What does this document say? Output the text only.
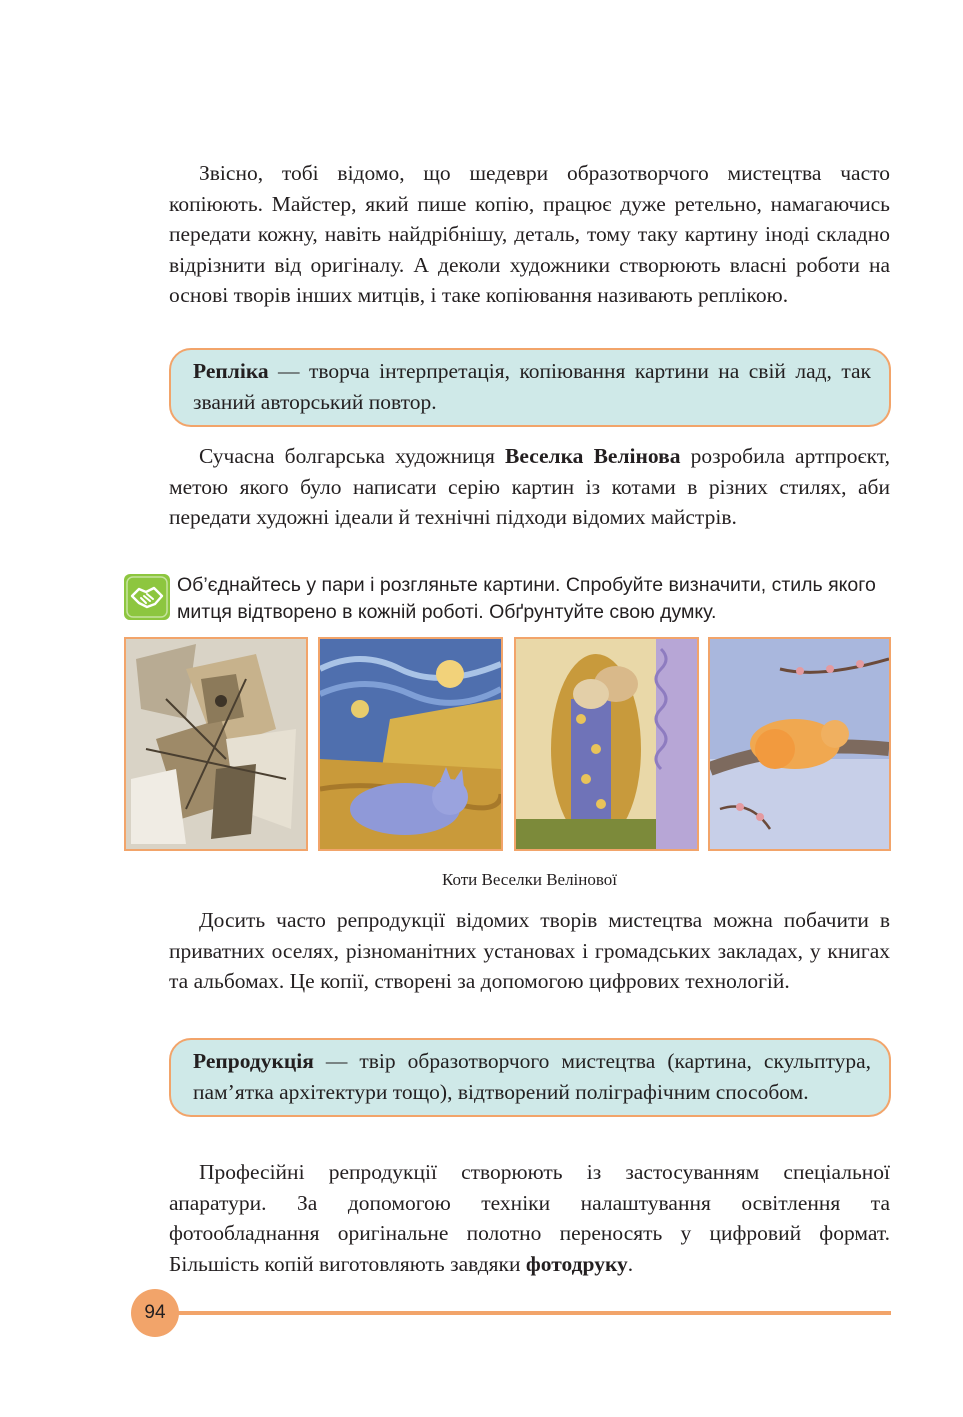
Звісно, тобі відомо, що шедеври образотворчого мистецтва часто копіюють. Майстер, який пише копію, працює дуже ретельно, намагаючись передати кожну, навіть найдрібнішу, деталь, тому таку картину іноді складно відрізнити від оригіналу. А деколи художники створюють власні роботи на основі творів інших митців, і таке копіювання називають реплікою.

Репліка — творча інтерпретація, копіювання картини на свій лад, так званий авторський повтор.

Сучасна болгарська художниця Веселка Велінова розробила артпроєкт, метою якого було написати серію картин із котами в різних стилях, аби передати художні ідеали й технічні підходи відомих майстрів.

Об’єднайтесь у пари і розгляньте картини. Спробуйте визначити, стиль якого митця відтворено в кожній роботі. Обґрунтуйте свою думку.
Коти Веселки Велінової

Досить часто репродукції відомих творів мистецтва можна побачити в приватних оселях, різноманітних установах і громадських закладах, у книгах та альбомах. Це копії, створені за допомогою цифрових технологій.

Репродукція — твір образотворчого мистецтва (картина, скульптура, пам’ятка архітектури тощо), відтворений поліграфічним способом.

Професійні репродукції створюють із застосуванням спеціальної апаратури. За допомогою техніки налаштування освітлення та фотообладнання оригінальне полотно переносять у цифровий формат. Більшість копій виготовляють завдяки фотодруку.

94
